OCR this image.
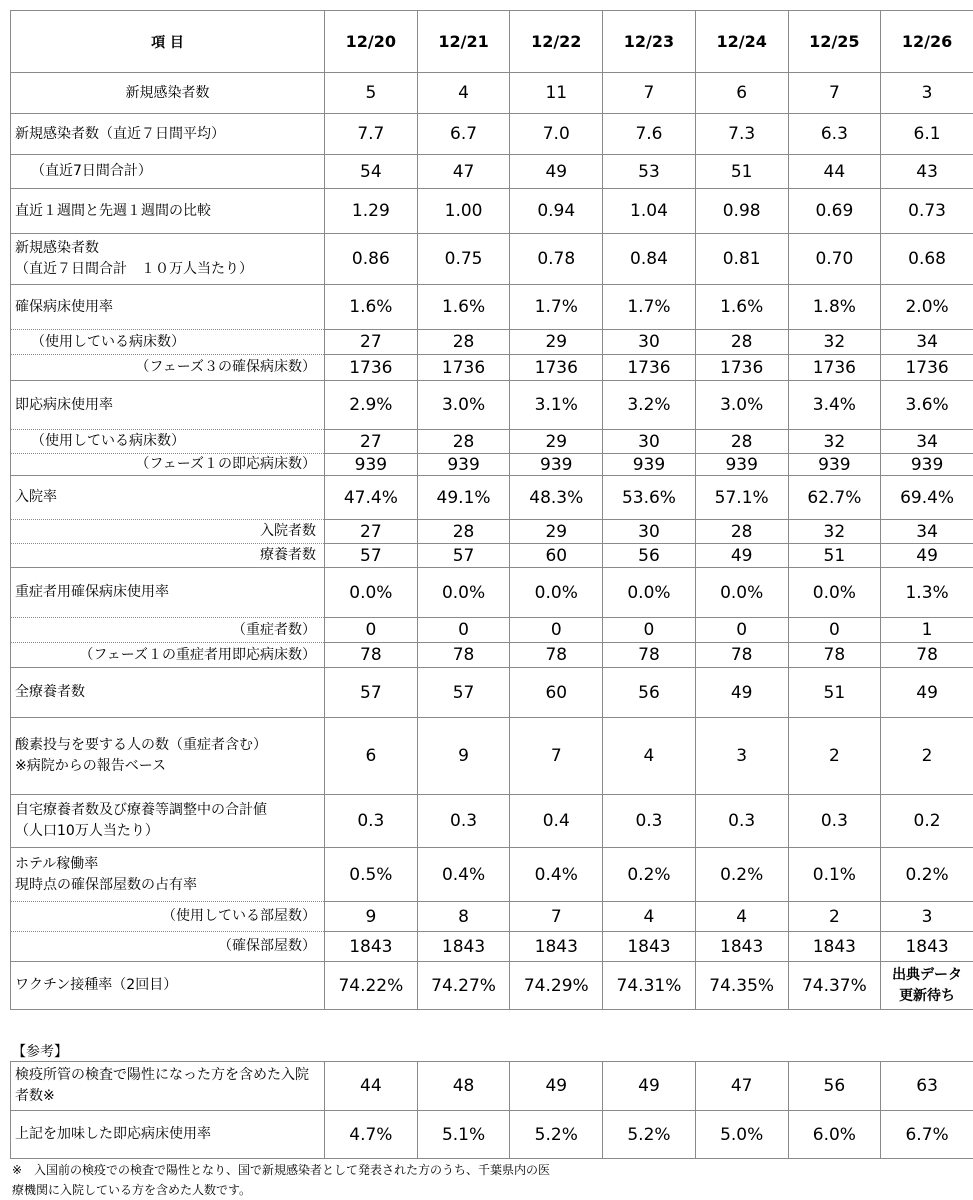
項 目	12/20	12/21	12/22	12/23	12/24	12/25	12/26
新規感染者数	5	4	11	7	6	7	3
新規感染者数（直近７日間平均）	7.7	6.7	7.0	7.6	7.3	6.3	6.1
（直近7日間合計）	54	47	49	53	51	44	43
直近１週間と先週１週間の比較	1.29	1.00	0.94	1.04	0.98	0.69	0.73

新規感染者数
（直近７日間合計　１０万人当たり）	0.86	0.75	0.78	0.84	0.81	0.70	0.68
確保病床使用率	1.6%	1.6%	1.7%	1.7%	1.6%	1.8%	2.0%
（使用している病床数）	27	28	29	30	28	32	34
（フェーズ３の確保病床数）	1736	1736	1736	1736	1736	1736	1736
即応病床使用率	2.9%	3.0%	3.1%	3.2%	3.0%	3.4%	3.6%
（使用している病床数）	27	28	29	30	28	32	34
（フェーズ１の即応病床数）	939	939	939	939	939	939	939
入院率	47.4%	49.1%	48.3%	53.6%	57.1%	62.7%	69.4%
入院者数	27	28	29	30	28	32	34
療養者数	57	57	60	56	49	51	49
重症者用確保病床使用率	0.0%	0.0%	0.0%	0.0%	0.0%	0.0%	1.3%
（重症者数）	0	0	0	0	0	0	1
（フェーズ１の重症者用即応病床数）	78	78	78	78	78	78	78
全療養者数	57	57	60	56	49	51	49

酸素投与を要する人の数（重症者含む）
※病院からの報告ベース	6	9	7	4	3	2	2

自宅療養者数及び療養等調整中の合計値
（人口10万人当たり）	0.3	0.3	0.4	0.3	0.3	0.3	0.2

ホテル稼働率
現時点の確保部屋数の占有率	0.5%	0.4%	0.4%	0.2%	0.2%	0.1%	0.2%
（使用している部屋数）	9	8	7	4	4	2	3
（確保部屋数）	1843	1843	1843	1843	1843	1843	1843
ワクチン接種率（2回目）	74.22%	74.27%	74.29%	74.31%	74.35%	74.37%	出典データ
更新待ち
【参考】
検疫所管の検査で陽性になった方を含めた入院
者数※	44	48	49	49	47	56	63
上記を加味した即応病床使用率	4.7%	5.1%	5.2%	5.2%	5.0%	6.0%	6.7%
※　入国前の検疫での検査で陽性となり、国で新規感染者として発表された方のうち、千葉県内の医
療機関に入院している方を含めた人数です。
